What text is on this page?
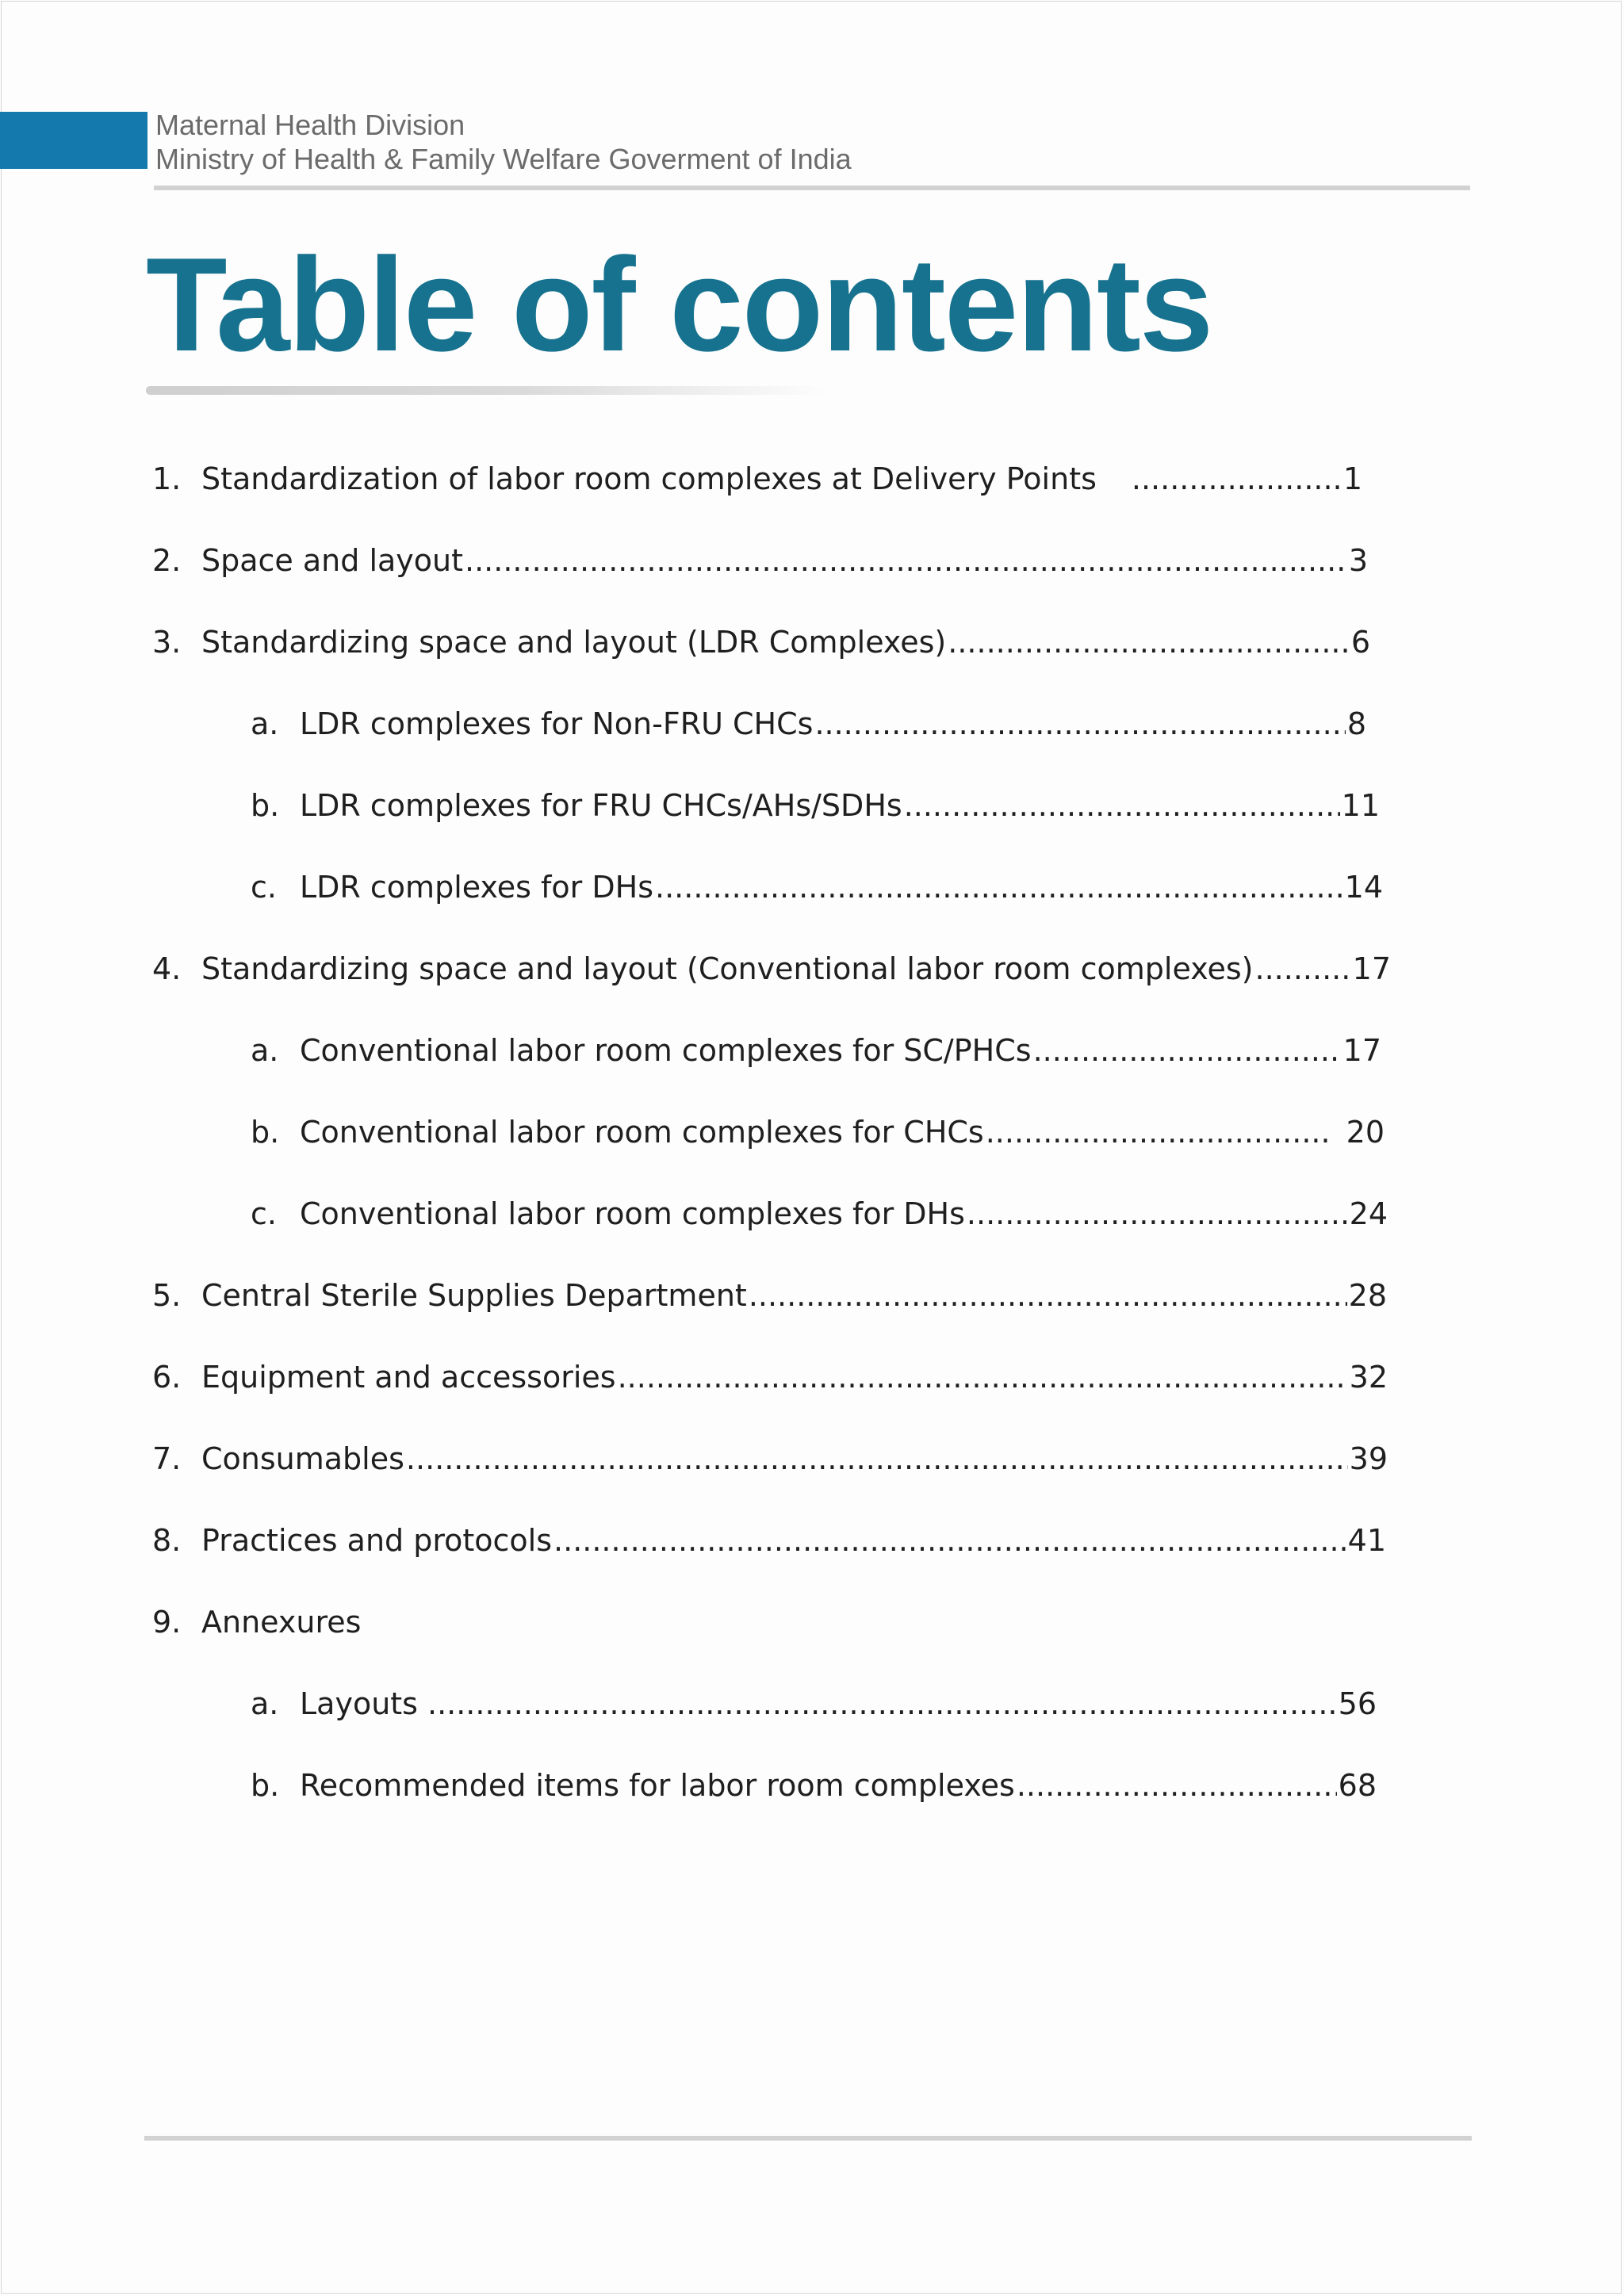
Maternal Health Division
Ministry of Health & Family Welfare Goverment of India
Table of contents
1. Standardization of labor room complexes at Delivery Points .....	1
2. Space and layout .....	3
3. Standardizing space and layout (LDR Complexes) .....	6
a. LDR complexes for Non-FRU CHCs .....	8
b. LDR complexes for FRU CHCs/AHs/SDHs .....	11
c. LDR complexes for DHs .....	14
4. Standardizing space and layout (Conventional labor room complexes) .....	17
a. Conventional labor room complexes for SC/PHCs .....	17
b. Conventional labor room complexes for CHCs .....	20
c. Conventional labor room complexes for DHs .....	24
5. Central Sterile Supplies Department .....	28
6. Equipment and accessories .....	32
7. Consumables .....	39
8. Practices and protocols .....	41
9. Annexures
a. Layouts .....	56
b. Recommended items for labor room complexes .....	68
